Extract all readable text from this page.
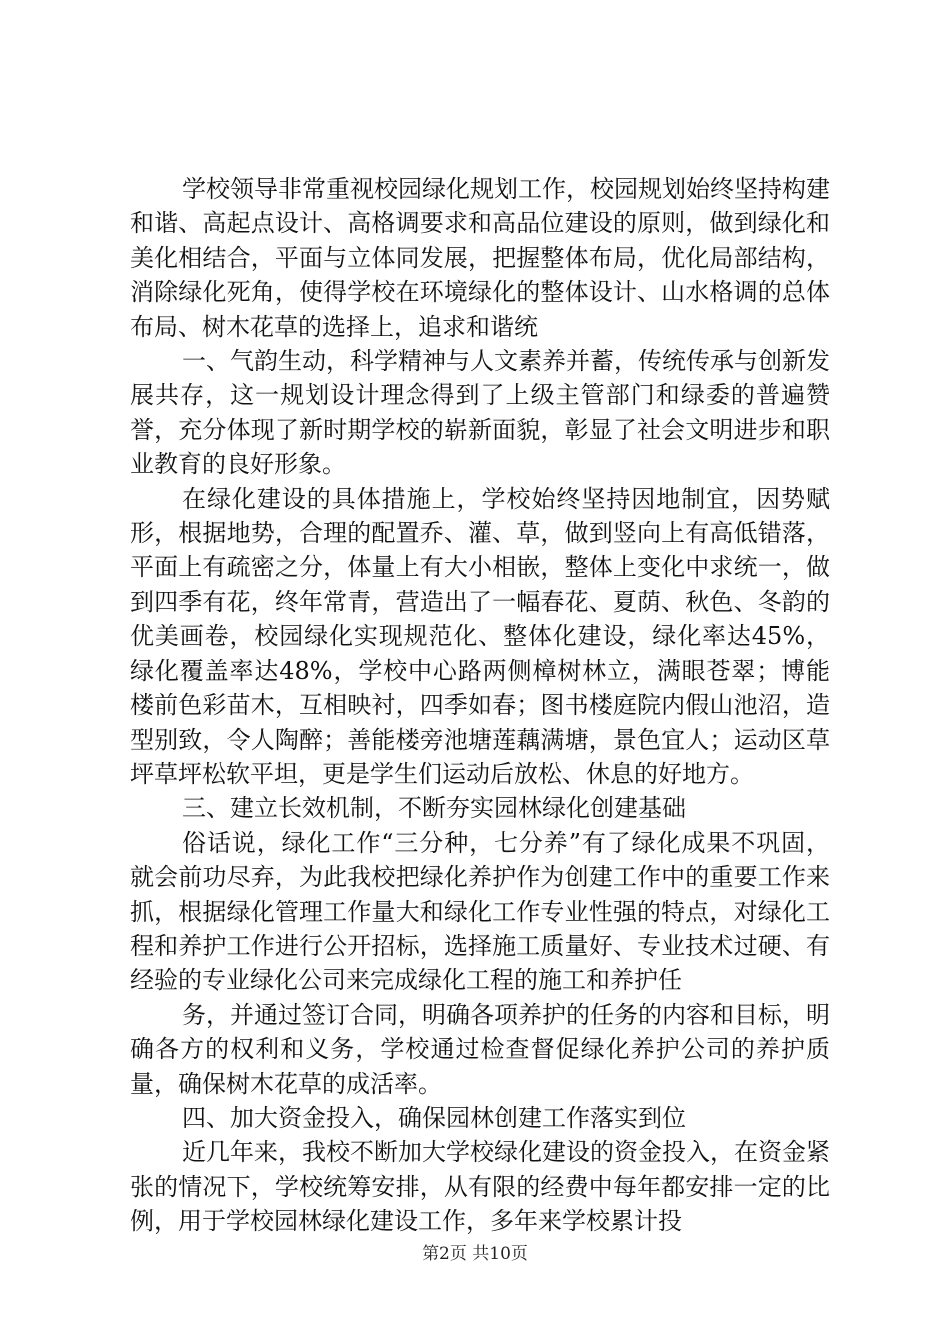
学校领导非常重视校园绿化规划工作，校园规划始终坚持构建和谐、高起点设计、高格调要求和高品位建设的原则，做到绿化和美化相结合，平面与立体同发展，把握整体布局，优化局部结构，消除绿化死角，使得学校在环境绿化的整体设计、山水格调的总体布局、树木花草的选择上，追求和谐统

一、气韵生动，科学精神与人文素养并蓄，传统传承与创新发展共存，这一规划设计理念得到了上级主管部门和绿委的普遍赞誉，充分体现了新时期学校的崭新面貌，彰显了社会文明进步和职业教育的良好形象。

在绿化建设的具体措施上，学校始终坚持因地制宜，因势赋形，根据地势，合理的配置乔、灌、草，做到竖向上有高低错落，平面上有疏密之分，体量上有大小相嵌，整体上变化中求统一，做到四季有花，终年常青，营造出了一幅春花、夏荫、秋色、冬韵的优美画卷，校园绿化实现规范化、整体化建设，绿化率达45%，绿化覆盖率达48%，学校中心路两侧樟树林立，满眼苍翠；博能楼前色彩苗木，互相映衬，四季如春；图书楼庭院内假山池沼，造型别致，令人陶醉；善能楼旁池塘莲藕满塘，景色宜人；运动区草坪草坪松软平坦，更是学生们运动后放松、休息的好地方。

三、建立长效机制，不断夯实园林绿化创建基础

俗话说，绿化工作“三分种，七分养”有了绿化成果不巩固，就会前功尽弃，为此我校把绿化养护作为创建工作中的重要工作来抓，根据绿化管理工作量大和绿化工作专业性强的特点，对绿化工程和养护工作进行公开招标，选择施工质量好、专业技术过硬、有经验的专业绿化公司来完成绿化工程的施工和养护任

务，并通过签订合同，明确各项养护的任务的内容和目标，明确各方的权利和义务，学校通过检查督促绿化养护公司的养护质量，确保树木花草的成活率。

四、加大资金投入，确保园林创建工作落实到位

近几年来，我校不断加大学校绿化建设的资金投入，在资金紧张的情况下，学校统筹安排，从有限的经费中每年都安排一定的比例，用于学校园林绿化建设工作，多年来学校累计投

第2页 共10页
